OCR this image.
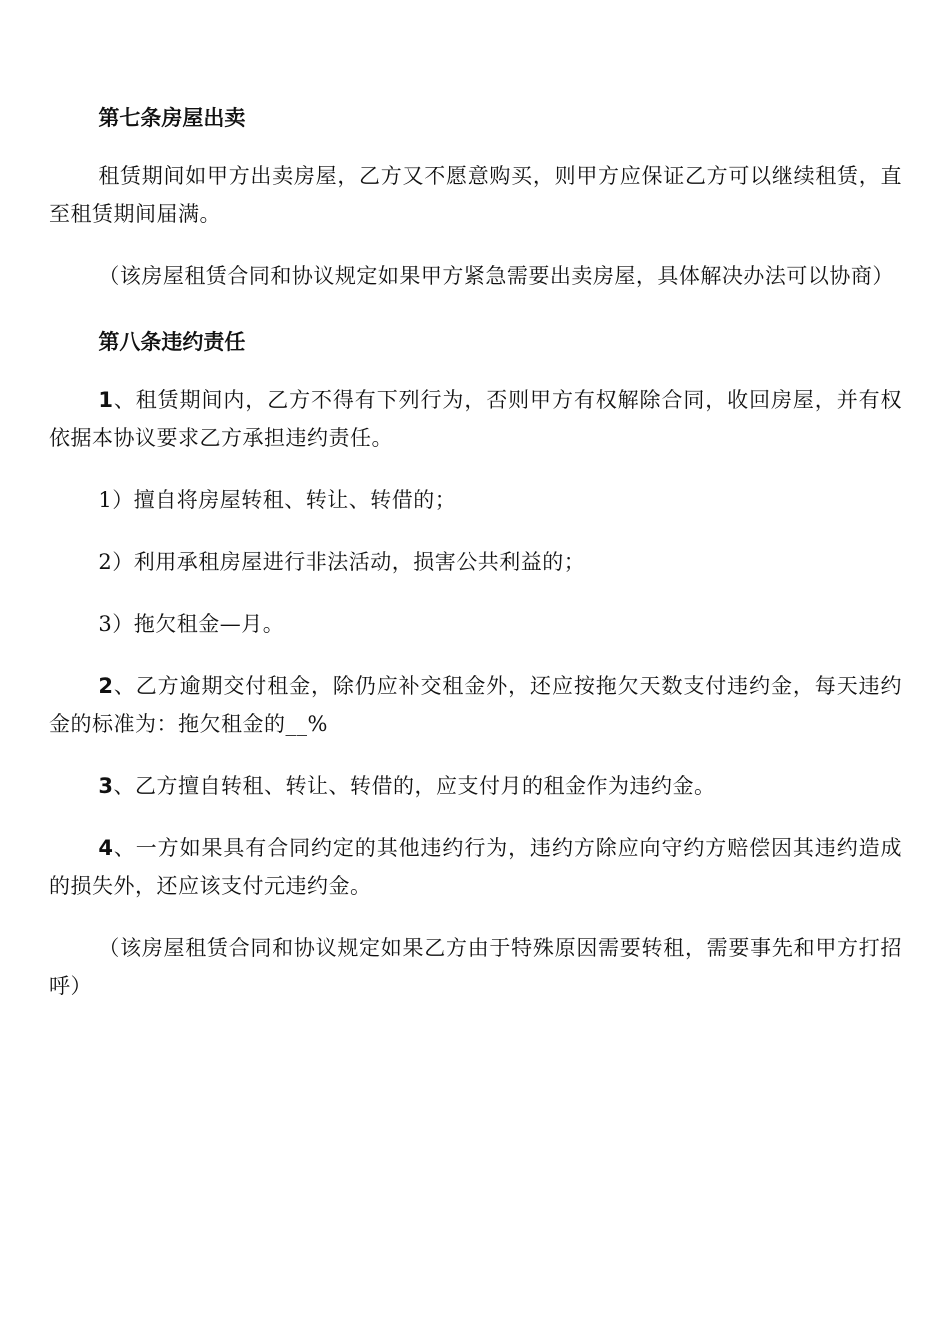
第七条房屋出卖

租赁期间如甲方出卖房屋，乙方又不愿意购买，则甲方应保证乙方可以继续租赁，直至租赁期间届满。

（该房屋租赁合同和协议规定如果甲方紧急需要出卖房屋，具体解决办法可以协商）

第八条违约责任

1、租赁期间内，乙方不得有下列行为，否则甲方有权解除合同，收回房屋，并有权依据本协议要求乙方承担违约责任。

1）擅自将房屋转租、转让、转借的；

2）利用承租房屋进行非法活动，损害公共利益的；

3）拖欠租金—月。

2、乙方逾期交付租金，除仍应补交租金外，还应按拖欠天数支付违约金，每天违约金的标准为：拖欠租金的__%

3、乙方擅自转租、转让、转借的，应支付月的租金作为违约金。

4、一方如果具有合同约定的其他违约行为，违约方除应向守约方赔偿因其违约造成的损失外，还应该支付元违约金。

（该房屋租赁合同和协议规定如果乙方由于特殊原因需要转租，需要事先和甲方打招呼）
